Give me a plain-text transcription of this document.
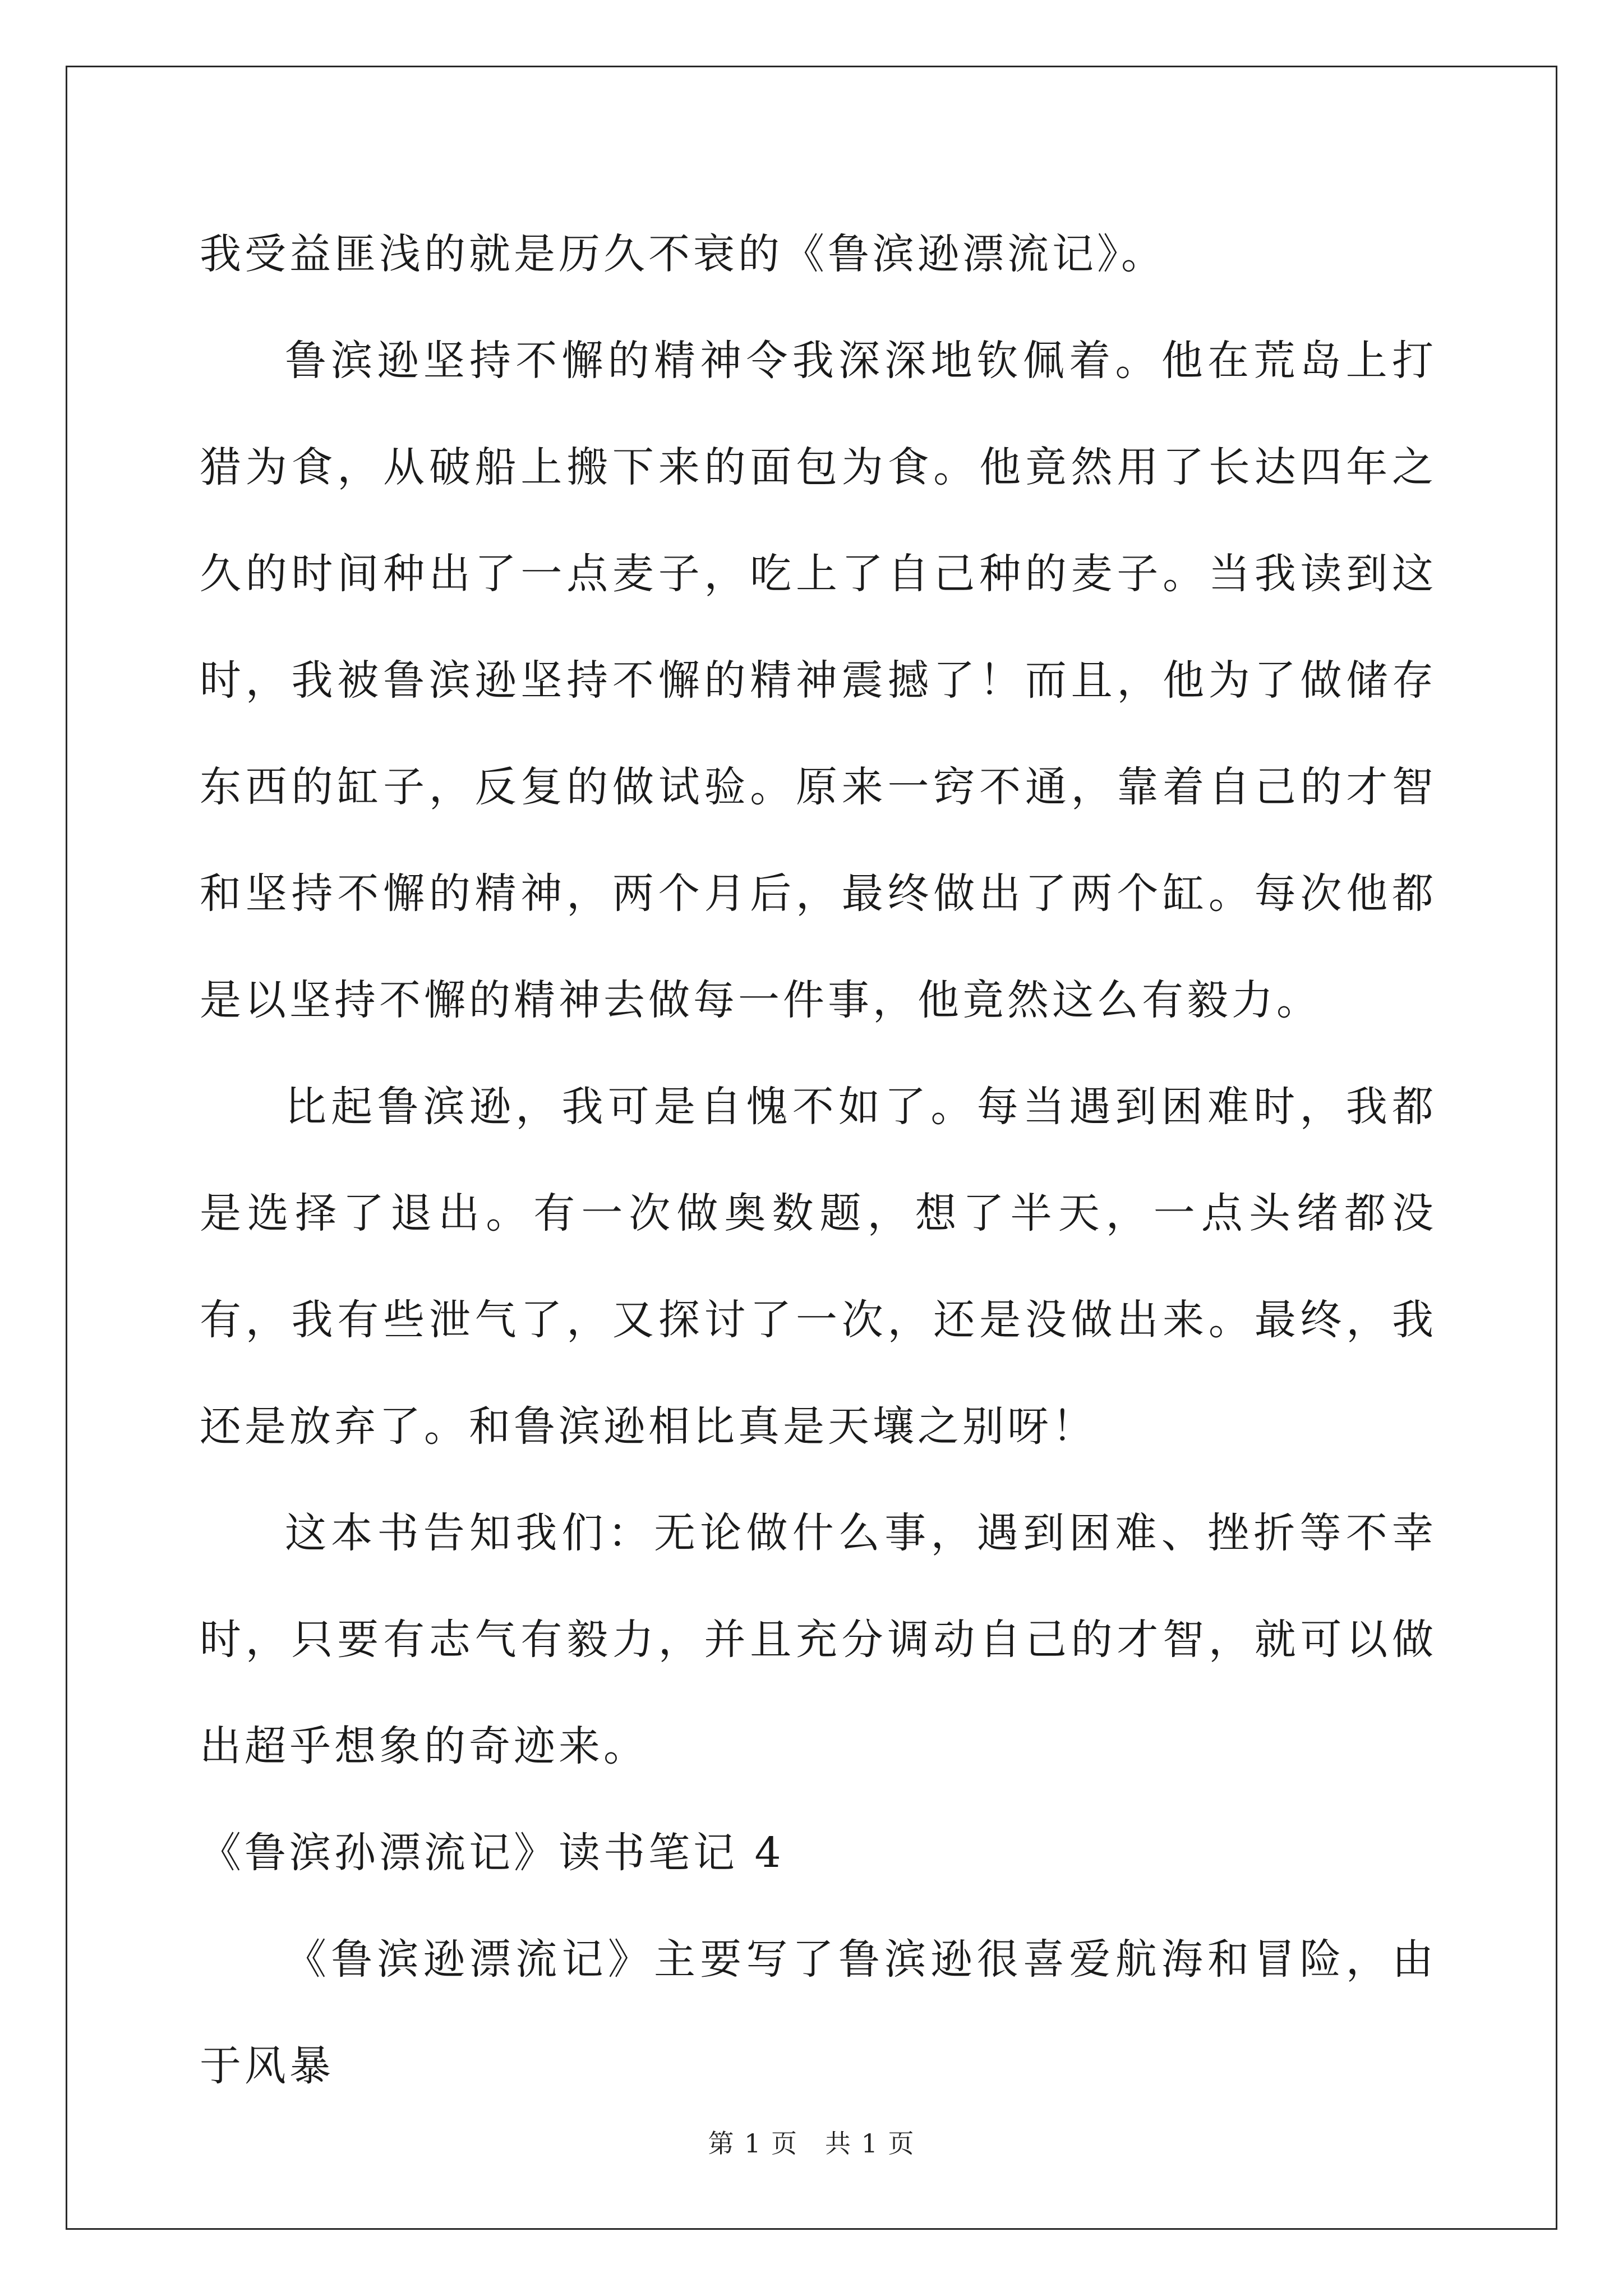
我受益匪浅的就是历久不衰的《鲁滨逊漂流记》。

鲁滨逊坚持不懈的精神令我深深地钦佩着。他在荒岛上打猎为食，从破船上搬下来的面包为食。他竟然用了长达四年之久的时间种出了一点麦子，吃上了自己种的麦子。当我读到这时，我被鲁滨逊坚持不懈的精神震撼了！而且，他为了做储存东西的缸子，反复的做试验。原来一窍不通，靠着自己的才智和坚持不懈的精神，两个月后，最终做出了两个缸。每次他都是以坚持不懈的精神去做每一件事，他竟然这么有毅力。

比起鲁滨逊，我可是自愧不如了。每当遇到困难时，我都是选择了退出。有一次做奥数题，想了半天，一点头绪都没有，我有些泄气了，又探讨了一次，还是没做出来。最终，我还是放弃了。和鲁滨逊相比真是天壤之别呀！

这本书告知我们：无论做什么事，遇到困难、挫折等不幸时，只要有志气有毅力，并且充分调动自己的才智，就可以做出超乎想象的奇迹来。

《鲁滨孙漂流记》读书笔记 4

《鲁滨逊漂流记》主要写了鲁滨逊很喜爱航海和冒险，由于风暴

第 1 页 共 1 页
